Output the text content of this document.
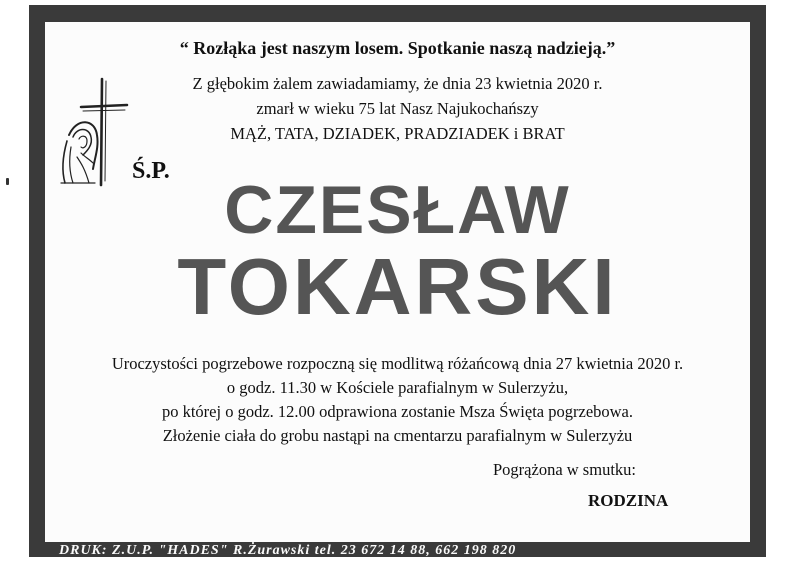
“ Rozłąka jest naszym losem. Spotkanie naszą nadzieją.”
Z głębokim żalem zawiadamiamy, że dnia 23 kwietnia 2020 r.
zmarł w wieku 75 lat Nasz Najukochańszy
MĄŻ, TATA, DZIADEK, PRADZIADEK i BRAT
Ś.P.
CZESŁAW
TOKARSKI
Uroczystości pogrzebowe rozpoczną się modlitwą różańcową dnia 27 kwietnia 2020 r.
o godz. 11.30 w Kościele parafialnym w Sulerzyżu,
po której o godz. 12.00 odprawiona zostanie Msza Święta pogrzebowa.
Złożenie ciała do grobu nastąpi na cmentarzu parafialnym w Sulerzyżu
Pogrążona w smutku:
RODZINA
DRUK: Z.U.P. "HADES" R.Żurawski tel. 23 672 14 88, 662 198 820
